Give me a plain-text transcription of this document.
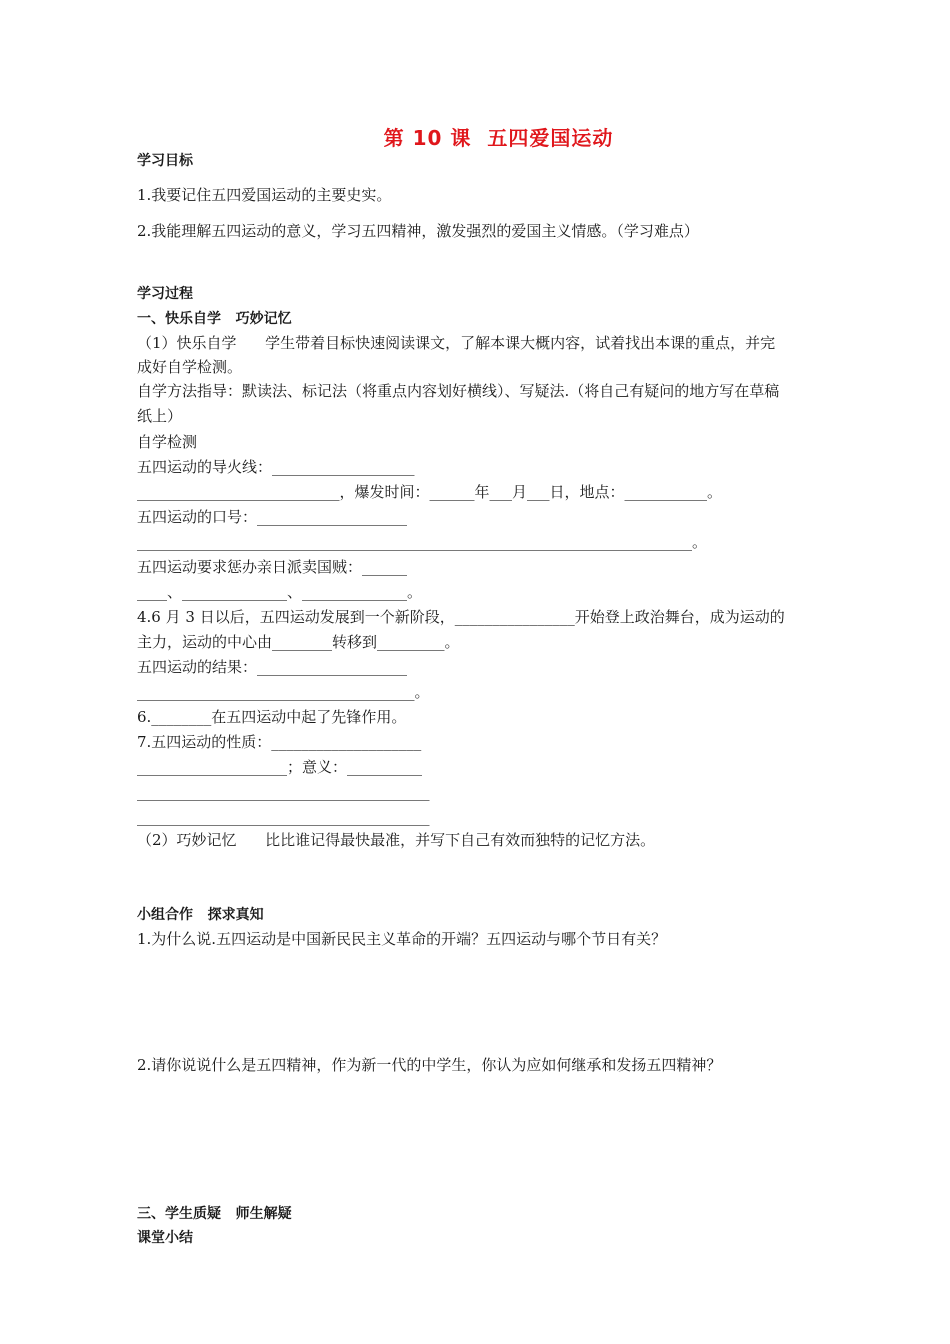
第 10 课  五四爱国运动
学习目标
1.我要记住五四爱国运动的主要史实。
2.我能理解五四运动的意义，学习五四精神，激发强烈的爱国主义情感。（学习难点）
学习过程
一、快乐自学   巧妙记忆
（1）快乐自学      学生带着目标快速阅读课文，了解本课大概内容，试着找出本课的重点，并完
成好自学检测。
自学方法指导：默读法、标记法（将重点内容划好横线）、写疑法.（将自己有疑问的地方写在草稿
纸上）
自学检测
五四运动的导火线：___________________
___________________________，爆发时间：______年___月___日，地点：___________。
五四运动的口号：____________________
__________________________________________________________________________。
五四运动要求惩办亲日派卖国贼：______
____、______________、______________。
4.6 月 3 日以后，五四运动发展到一个新阶段，________________开始登上政治舞台，成为运动的
主力，运动的中心由________转移到_________。
五四运动的结果：____________________
_____________________________________。
6.________在五四运动中起了先锋作用。
7.五四运动的性质：____________________
____________________；意义：__________
_______________________________________
_______________________________________
（2）巧妙记忆      比比谁记得最快最准，并写下自己有效而独特的记忆方法。
小组合作   探求真知
1.为什么说.五四运动是中国新民民主义革命的开端？五四运动与哪个节日有关？
2.请你说说什么是五四精神，作为新一代的中学生，你认为应如何继承和发扬五四精神？
三、学生质疑   师生解疑
课堂小结
